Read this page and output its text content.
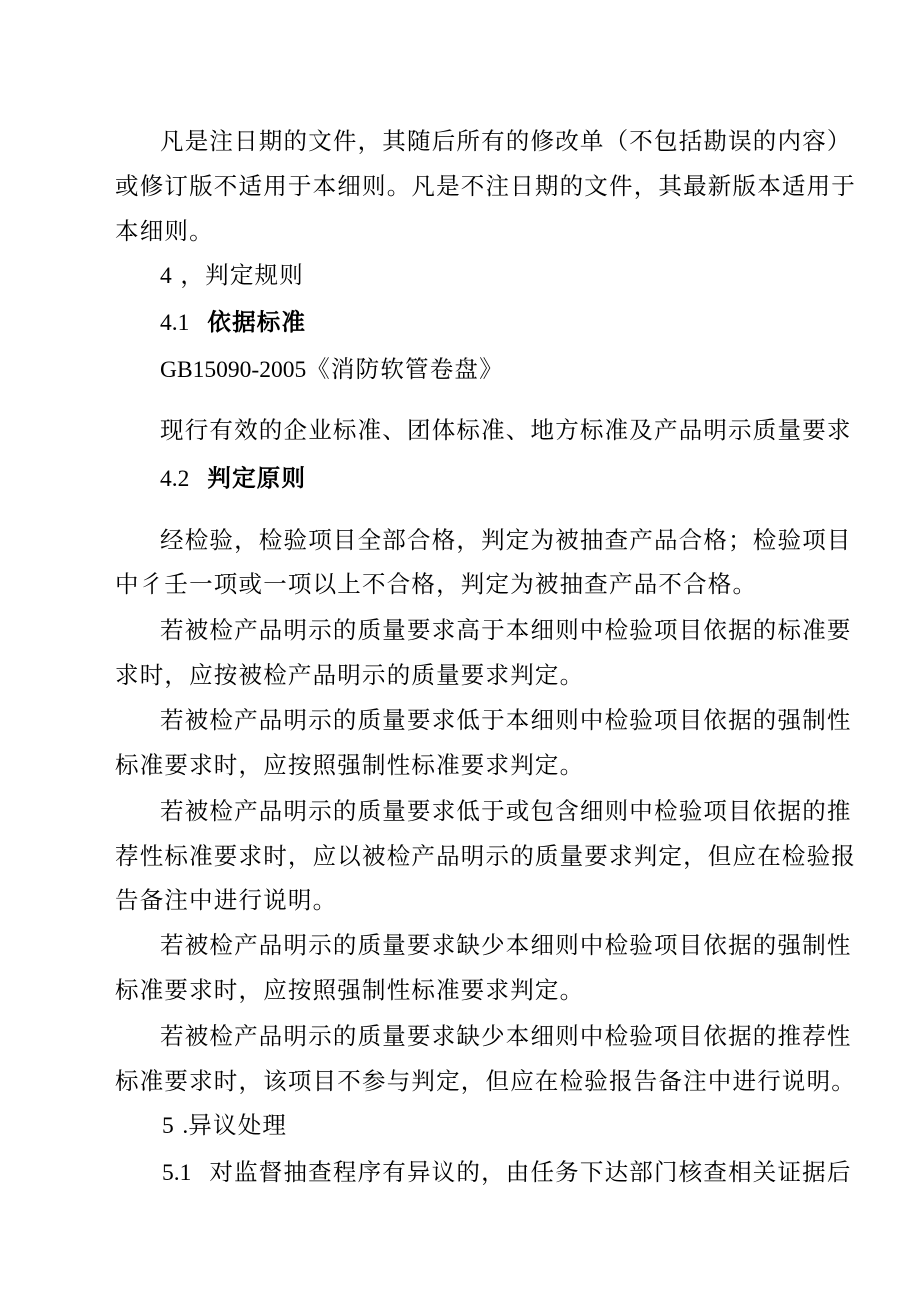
凡是注日期的文件，其随后所有的修改单（不包括勘误的内容）
或修订版不适用于本细则。凡是不注日期的文件，其最新版本适用于
本细则。
4 ，判定规则
4.1 依据标准
GB15090-2005《消防软管卷盘》
现行有效的企业标准、团体标准、地方标准及产品明示质量要求
4.2 判定原则
经检验，检验项目全部合格，判定为被抽查产品合格；检验项目
中彳壬一项或一项以上不合格，判定为被抽查产品不合格。
若被检产品明示的质量要求高于本细则中检验项目依据的标准要
求时，应按被检产品明示的质量要求判定。
若被检产品明示的质量要求低于本细则中检验项目依据的强制性
标准要求时，应按照强制性标准要求判定。
若被检产品明示的质量要求低于或包含细则中检验项目依据的推
荐性标准要求时，应以被检产品明示的质量要求判定，但应在检验报
告备注中进行说明。
若被检产品明示的质量要求缺少本细则中检验项目依据的强制性
标准要求时，应按照强制性标准要求判定。
若被检产品明示的质量要求缺少本细则中检验项目依据的推荐性
标准要求时，该项目不参与判定，但应在检验报告备注中进行说明。
5 .异议处理
5.1 对监督抽查程序有异议的，由任务下达部门核查相关证据后
